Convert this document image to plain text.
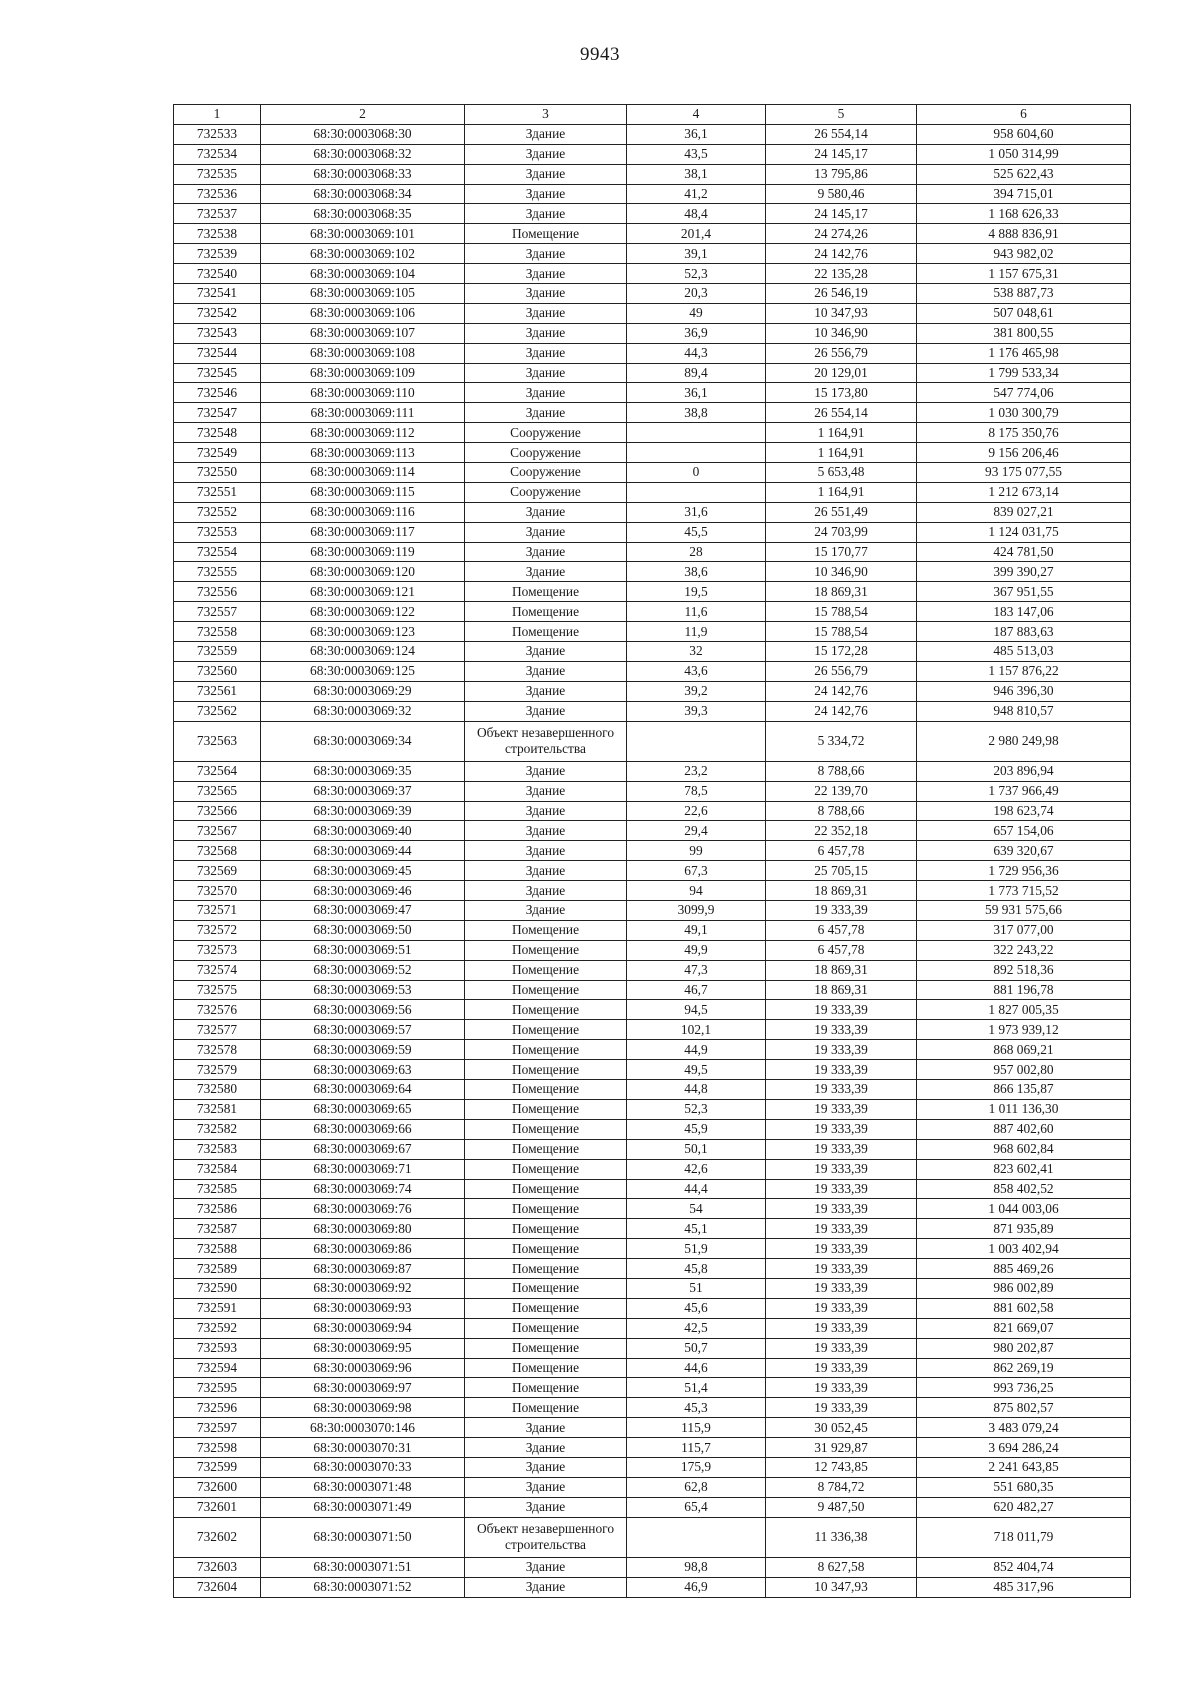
9943
1	2	3	4	5	6
732533	68:30:0003068:30	Здание	36,1	26 554,14	958 604,60
732534	68:30:0003068:32	Здание	43,5	24 145,17	1 050 314,99
732535	68:30:0003068:33	Здание	38,1	13 795,86	525 622,43
732536	68:30:0003068:34	Здание	41,2	9 580,46	394 715,01
732537	68:30:0003068:35	Здание	48,4	24 145,17	1 168 626,33
732538	68:30:0003069:101	Помещение	201,4	24 274,26	4 888 836,91
732539	68:30:0003069:102	Здание	39,1	24 142,76	943 982,02
732540	68:30:0003069:104	Здание	52,3	22 135,28	1 157 675,31
732541	68:30:0003069:105	Здание	20,3	26 546,19	538 887,73
732542	68:30:0003069:106	Здание	49	10 347,93	507 048,61
732543	68:30:0003069:107	Здание	36,9	10 346,90	381 800,55
732544	68:30:0003069:108	Здание	44,3	26 556,79	1 176 465,98
732545	68:30:0003069:109	Здание	89,4	20 129,01	1 799 533,34
732546	68:30:0003069:110	Здание	36,1	15 173,80	547 774,06
732547	68:30:0003069:111	Здание	38,8	26 554,14	1 030 300,79
732548	68:30:0003069:112	Сооружение		1 164,91	8 175 350,76
732549	68:30:0003069:113	Сооружение		1 164,91	9 156 206,46
732550	68:30:0003069:114	Сооружение	0	5 653,48	93 175 077,55
732551	68:30:0003069:115	Сооружение		1 164,91	1 212 673,14
732552	68:30:0003069:116	Здание	31,6	26 551,49	839 027,21
732553	68:30:0003069:117	Здание	45,5	24 703,99	1 124 031,75
732554	68:30:0003069:119	Здание	28	15 170,77	424 781,50
732555	68:30:0003069:120	Здание	38,6	10 346,90	399 390,27
732556	68:30:0003069:121	Помещение	19,5	18 869,31	367 951,55
732557	68:30:0003069:122	Помещение	11,6	15 788,54	183 147,06
732558	68:30:0003069:123	Помещение	11,9	15 788,54	187 883,63
732559	68:30:0003069:124	Здание	32	15 172,28	485 513,03
732560	68:30:0003069:125	Здание	43,6	26 556,79	1 157 876,22
732561	68:30:0003069:29	Здание	39,2	24 142,76	946 396,30
732562	68:30:0003069:32	Здание	39,3	24 142,76	948 810,57
732563	68:30:0003069:34	Объект незавершенного строительства		5 334,72	2 980 249,98
732564	68:30:0003069:35	Здание	23,2	8 788,66	203 896,94
732565	68:30:0003069:37	Здание	78,5	22 139,70	1 737 966,49
732566	68:30:0003069:39	Здание	22,6	8 788,66	198 623,74
732567	68:30:0003069:40	Здание	29,4	22 352,18	657 154,06
732568	68:30:0003069:44	Здание	99	6 457,78	639 320,67
732569	68:30:0003069:45	Здание	67,3	25 705,15	1 729 956,36
732570	68:30:0003069:46	Здание	94	18 869,31	1 773 715,52
732571	68:30:0003069:47	Здание	3099,9	19 333,39	59 931 575,66
732572	68:30:0003069:50	Помещение	49,1	6 457,78	317 077,00
732573	68:30:0003069:51	Помещение	49,9	6 457,78	322 243,22
732574	68:30:0003069:52	Помещение	47,3	18 869,31	892 518,36
732575	68:30:0003069:53	Помещение	46,7	18 869,31	881 196,78
732576	68:30:0003069:56	Помещение	94,5	19 333,39	1 827 005,35
732577	68:30:0003069:57	Помещение	102,1	19 333,39	1 973 939,12
732578	68:30:0003069:59	Помещение	44,9	19 333,39	868 069,21
732579	68:30:0003069:63	Помещение	49,5	19 333,39	957 002,80
732580	68:30:0003069:64	Помещение	44,8	19 333,39	866 135,87
732581	68:30:0003069:65	Помещение	52,3	19 333,39	1 011 136,30
732582	68:30:0003069:66	Помещение	45,9	19 333,39	887 402,60
732583	68:30:0003069:67	Помещение	50,1	19 333,39	968 602,84
732584	68:30:0003069:71	Помещение	42,6	19 333,39	823 602,41
732585	68:30:0003069:74	Помещение	44,4	19 333,39	858 402,52
732586	68:30:0003069:76	Помещение	54	19 333,39	1 044 003,06
732587	68:30:0003069:80	Помещение	45,1	19 333,39	871 935,89
732588	68:30:0003069:86	Помещение	51,9	19 333,39	1 003 402,94
732589	68:30:0003069:87	Помещение	45,8	19 333,39	885 469,26
732590	68:30:0003069:92	Помещение	51	19 333,39	986 002,89
732591	68:30:0003069:93	Помещение	45,6	19 333,39	881 602,58
732592	68:30:0003069:94	Помещение	42,5	19 333,39	821 669,07
732593	68:30:0003069:95	Помещение	50,7	19 333,39	980 202,87
732594	68:30:0003069:96	Помещение	44,6	19 333,39	862 269,19
732595	68:30:0003069:97	Помещение	51,4	19 333,39	993 736,25
732596	68:30:0003069:98	Помещение	45,3	19 333,39	875 802,57
732597	68:30:0003070:146	Здание	115,9	30 052,45	3 483 079,24
732598	68:30:0003070:31	Здание	115,7	31 929,87	3 694 286,24
732599	68:30:0003070:33	Здание	175,9	12 743,85	2 241 643,85
732600	68:30:0003071:48	Здание	62,8	8 784,72	551 680,35
732601	68:30:0003071:49	Здание	65,4	9 487,50	620 482,27
732602	68:30:0003071:50	Объект незавершенного строительства		11 336,38	718 011,79
732603	68:30:0003071:51	Здание	98,8	8 627,58	852 404,74
732604	68:30:0003071:52	Здание	46,9	10 347,93	485 317,96
